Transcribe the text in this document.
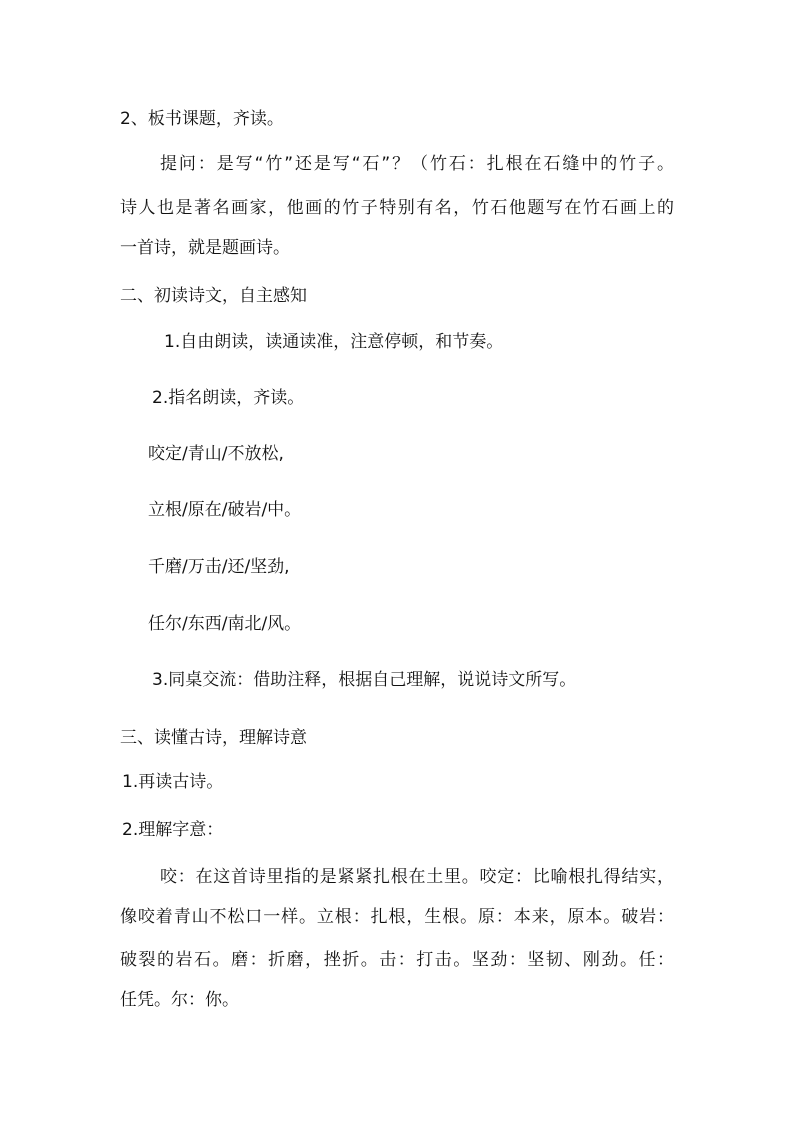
2、板书课题，齐读。
提问：是写“竹”还是写“石”？（竹石：扎根在石缝中的竹子。
诗人也是著名画家，他画的竹子特别有名，竹石他题写在竹石画上的
一首诗，就是题画诗。
二、初读诗文，自主感知
1.自由朗读，读通读准，注意停顿，和节奏。
2.指名朗读，齐读。
咬定/青山/不放松,
立根/原在/破岩/中。
千磨/万击/还/坚劲,
任尔/东西/南北/风。
3.同桌交流：借助注释，根据自己理解，说说诗文所写。
三、读懂古诗，理解诗意
1.再读古诗。
2.理解字意：
咬：在这首诗里指的是紧紧扎根在土里。咬定：比喻根扎得结实，
像咬着青山不松口一样。立根：扎根，生根。原：本来，原本。破岩：
破裂的岩石。磨：折磨，挫折。击：打击。坚劲：坚韧、刚劲。任：
任凭。尔：你。
